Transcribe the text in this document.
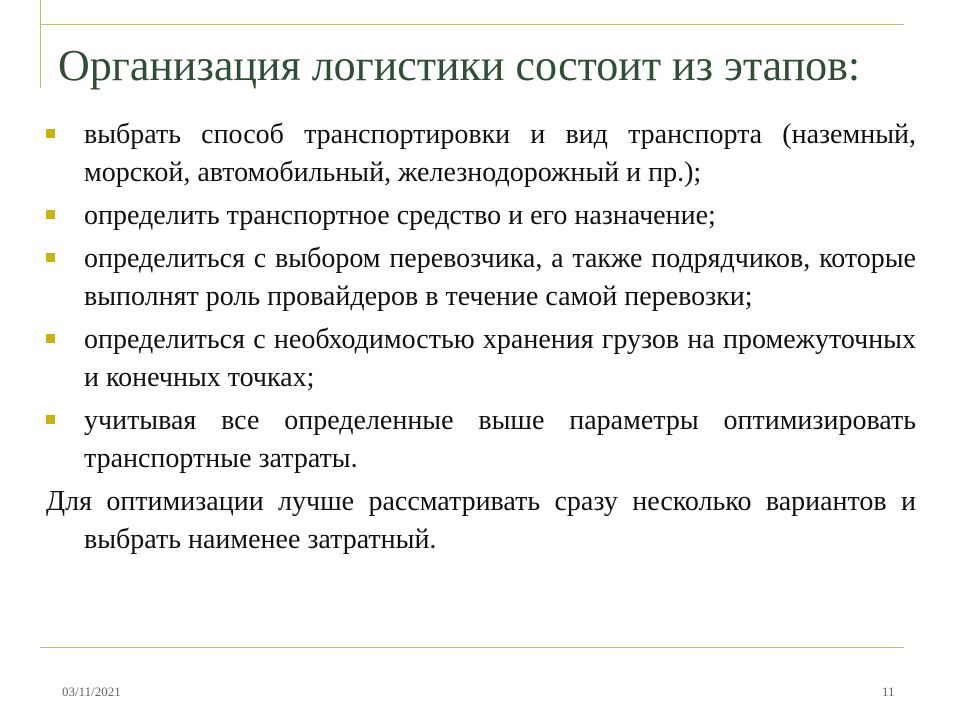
Организация логистики состоит из этапов:
выбрать способ транспортировки и вид транспорта (наземный, морской, автомобильный, железнодорожный и пр.);
определить транспортное средство и его назначение;
определиться с выбором перевозчика, а также подрядчиков, которые выполнят роль провайдеров в течение самой перевозки;
определиться с необходимостью хранения грузов на промежуточных и конечных точках;
учитывая все определенные выше параметры оптимизировать транспортные затраты.
Для оптимизации лучше рассматривать сразу несколько вариантов и выбрать наименее затратный.
03/11/2021	11
